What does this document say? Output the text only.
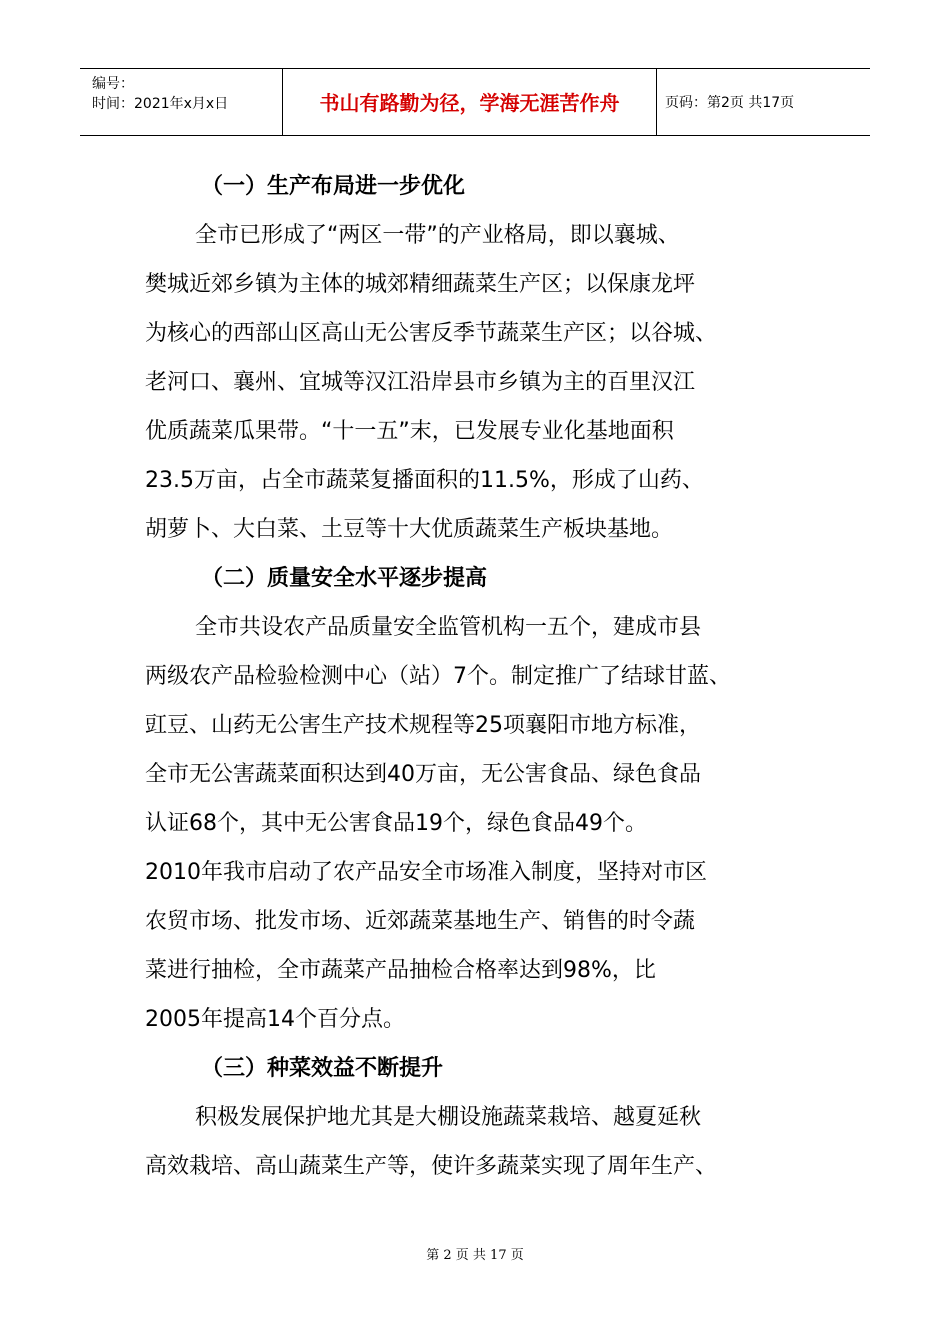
编号：
时间：2021年x月x日	书山有路勤为径，学海无涯苦作舟	页码：第2页 共17页
（一）生产布局进一步优化
全市已形成了“两区一带”的产业格局，即以襄城、
樊城近郊乡镇为主体的城郊精细蔬菜生产区；以保康龙坪
为核心的西部山区高山无公害反季节蔬菜生产区；以谷城、
老河口、襄州、宜城等汉江沿岸县市乡镇为主的百里汉江
优质蔬菜瓜果带。“十一五”末，已发展专业化基地面积
23.5万亩，占全市蔬菜复播面积的11.5%，形成了山药、
胡萝卜、大白菜、土豆等十大优质蔬菜生产板块基地。
（二）质量安全水平逐步提高
全市共设农产品质量安全监管机构一五个，建成市县
两级农产品检验检测中心（站）7个。制定推广了结球甘蓝、
豇豆、山药无公害生产技术规程等25项襄阳市地方标准，
全市无公害蔬菜面积达到40万亩，无公害食品、绿色食品
认证68个，其中无公害食品19个，绿色食品49个。
2010年我市启动了农产品安全市场准入制度，坚持对市区
农贸市场、批发市场、近郊蔬菜基地生产、销售的时令蔬
菜进行抽检，全市蔬菜产品抽检合格率达到98%，比
2005年提高14个百分点。
（三）种菜效益不断提升
积极发展保护地尤其是大棚设施蔬菜栽培、越夏延秋
高效栽培、高山蔬菜生产等，使许多蔬菜实现了周年生产、
第 2 页 共 17 页
